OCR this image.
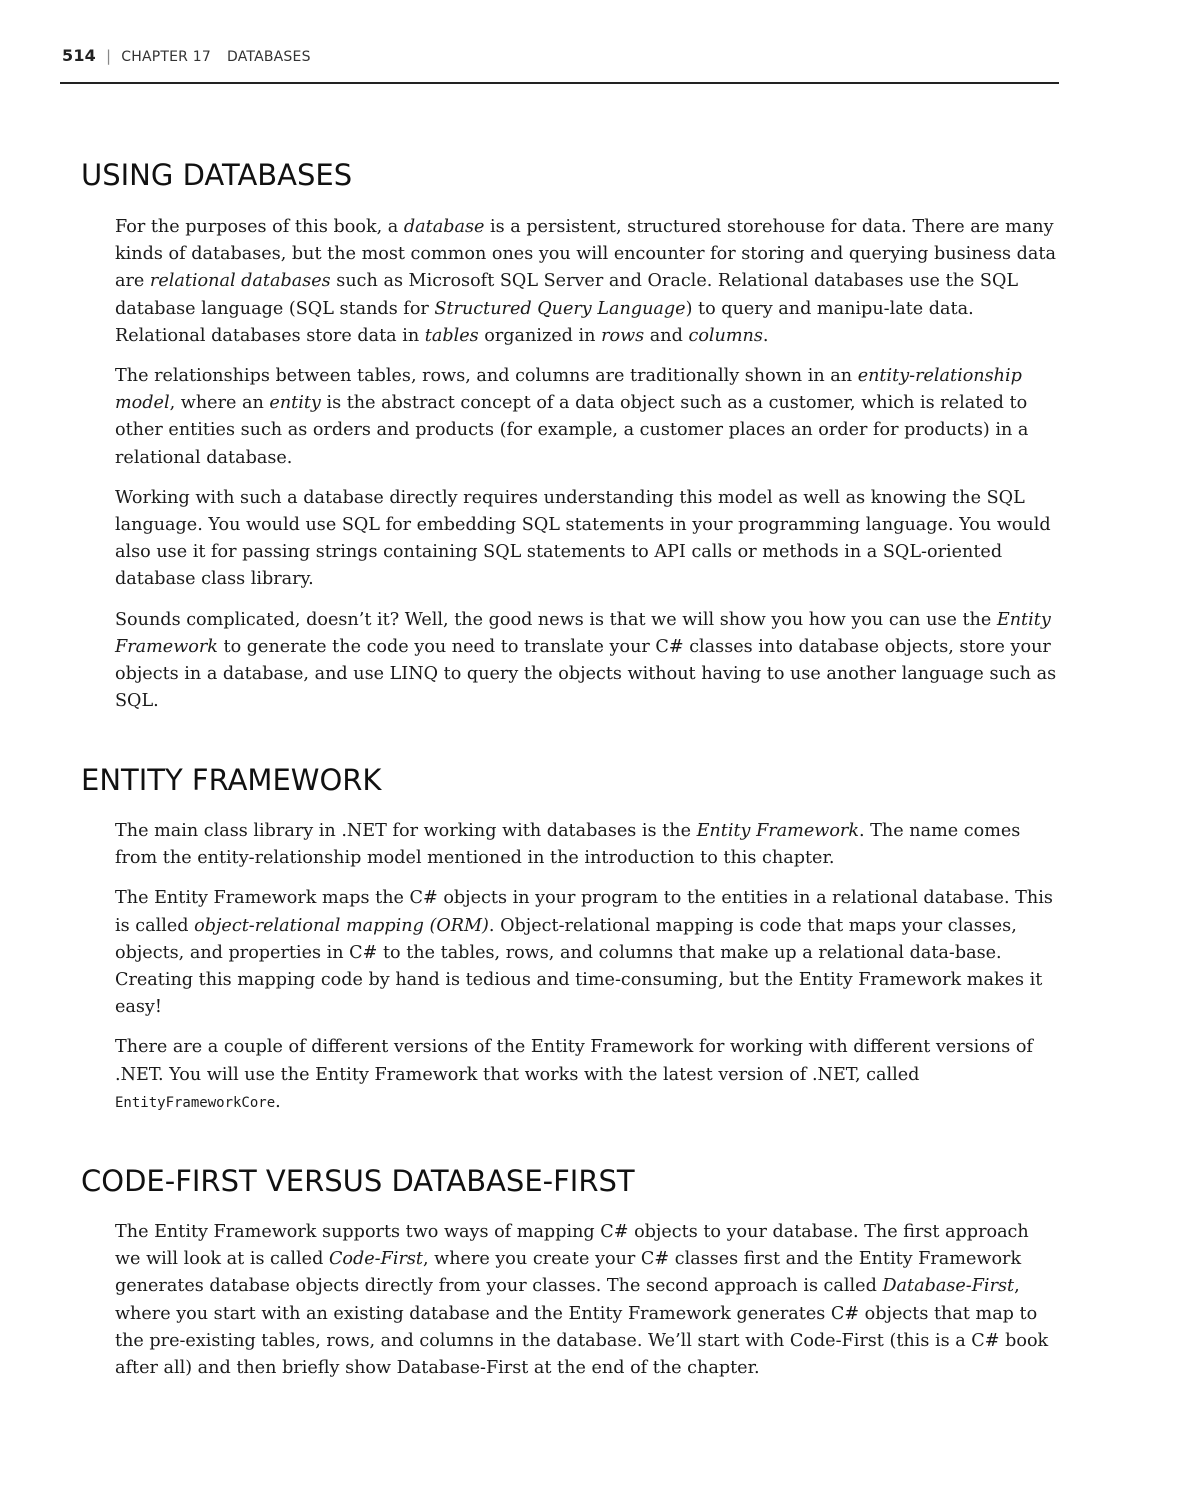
514 | CHAPTER 17 DATABASES
USING DATABASES

For the purposes of this book, a database is a persistent, structured storehouse for data. There are many kinds of databases, but the most common ones you will encounter for storing and querying business data are relational databases such as Microsoft SQL Server and Oracle. Relational databases use the SQL database language (SQL stands for Structured Query Language) to query and manipu-late data. Relational databases store data in tables organized in rows and columns.

The relationships between tables, rows, and columns are traditionally shown in an entity-relationship model, where an entity is the abstract concept of a data object such as a customer, which is related to other entities such as orders and products (for example, a customer places an order for products) in a relational database.

Working with such a database directly requires understanding this model as well as knowing the SQL language. You would use SQL for embedding SQL statements in your programming language. You would also use it for passing strings containing SQL statements to API calls or methods in a SQL-oriented database class library.

Sounds complicated, doesn’t it? Well, the good news is that we will show you how you can use the Entity Framework to generate the code you need to translate your C# classes into database objects, store your objects in a database, and use LINQ to query the objects without having to use another language such as SQL.

ENTITY FRAMEWORK

The main class library in .NET for working with databases is the Entity Framework. The name comes from the entity-relationship model mentioned in the introduction to this chapter.

The Entity Framework maps the C# objects in your program to the entities in a relational database. This is called object-relational mapping (ORM). Object-relational mapping is code that maps your classes, objects, and properties in C# to the tables, rows, and columns that make up a relational data-base. Creating this mapping code by hand is tedious and time-consuming, but the Entity Framework makes it easy!

There are a couple of different versions of the Entity Framework for working with different versions of .NET. You will use the Entity Framework that works with the latest version of .NET, called EntityFrameworkCore.

CODE-FIRST VERSUS DATABASE-FIRST

The Entity Framework supports two ways of mapping C# objects to your database. The first approach we will look at is called Code-First, where you create your C# classes first and the Entity Framework generates database objects directly from your classes. The second approach is called Database-First, where you start with an existing database and the Entity Framework generates C# objects that map to the pre-existing tables, rows, and columns in the database. We’ll start with Code-First (this is a C# book after all) and then briefly show Database-First at the end of the chapter.
